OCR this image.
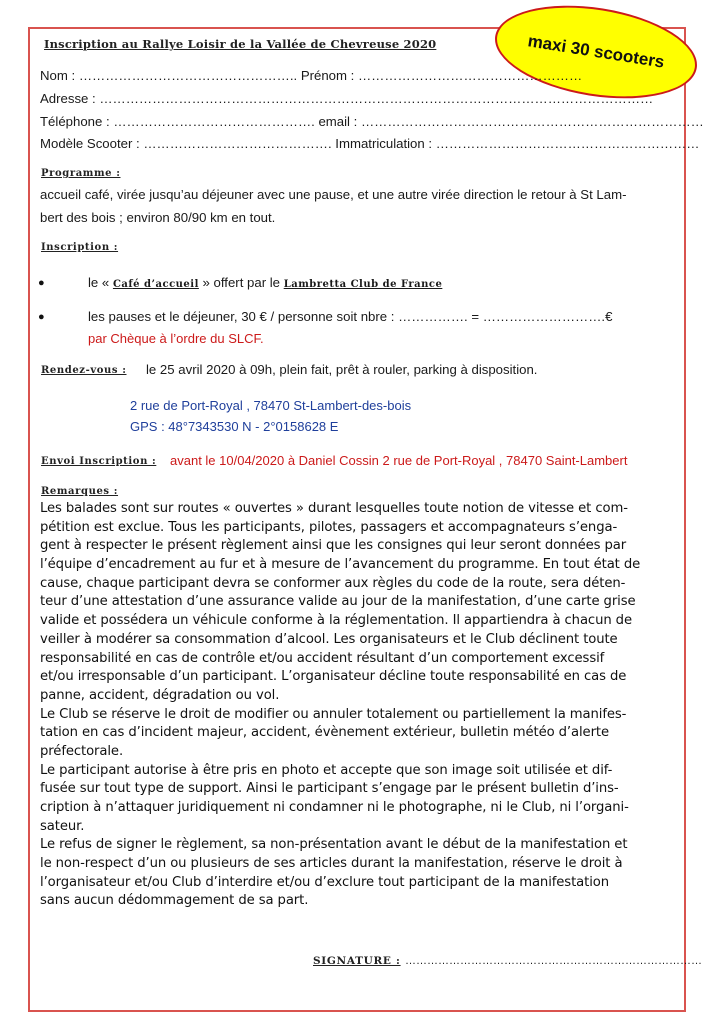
maxi 30 scooters
Inscription au Rallye Loisir de la Vallée de Chevreuse 2020
Nom : ………………………………………….. Prénom : ……………………………………………
Adresse : ………………………………………………………………………………………………………………
Téléphone : ………………………………………. email : ……………………………………………………………………
Modèle Scooter : ……………………………………. Immatriculation : ……………………………………………………
Programme :
accueil café, virée jusqu’au déjeuner avec une pause, et une autre virée direction le retour à St Lam-
bert des bois ; environ 80/90 km en tout.
Inscription :
●	le « Café d’accueil » offert par le Lambretta Club de France
●	les pauses et le déjeuner, 30 € / personne soit nbre : ……………. = ……………………….€
par Chèque à l’ordre du SLCF.
Rendez-vous : le 25 avril 2020 à 09h, plein fait, prêt à rouler, parking à disposition.
2 rue de Port-Royal , 78470 St-Lambert-des-bois
GPS : 48°7343530 N - 2°0158628 E
Envoi Inscription : avant le 10/04/2020 à Daniel Cossin 2 rue de Port-Royal , 78470 Saint-Lambert
Remarques :
Les balades sont sur routes « ouvertes » durant lesquelles toute notion de vitesse et com-
pétition est exclue. Tous les participants, pilotes, passagers et accompagnateurs s’enga-
gent à respecter le présent règlement ainsi que les consignes qui leur seront données par
l’équipe d’encadrement au fur et à mesure de l’avancement du programme. En tout état de
cause, chaque participant devra se conformer aux règles du code de la route, sera déten-
teur d’une attestation d’une assurance valide au jour de la manifestation, d’une carte grise
valide et possédera un véhicule conforme à la réglementation. Il appartiendra à chacun de
veiller à modérer sa consommation d’alcool. Les organisateurs et le Club déclinent toute
responsabilité en cas de contrôle et/ou accident résultant d’un comportement excessif
et/ou irresponsable d’un participant. L’organisateur décline toute responsabilité en cas de
panne, accident, dégradation ou vol.
Le Club se réserve le droit de modifier ou annuler totalement ou partiellement la manifes-
tation en cas d’incident majeur, accident, évènement extérieur, bulletin météo d’alerte
préfectorale.
Le participant autorise à être pris en photo et accepte que son image soit utilisée et dif-
fusée sur tout type de support. Ainsi le participant s’engage par le présent bulletin d’ins-
cription à n’attaquer juridiquement ni condamner ni le photographe, ni le Club, ni l’organi-
sateur.
Le refus de signer le règlement, sa non-présentation avant le début de la manifestation et
le non-respect d’un ou plusieurs de ses articles durant la manifestation, réserve le droit à
l’organisateur et/ou Club d’interdire et/ou d’exclure tout participant de la manifestation
sans aucun dédommagement de sa part.
SIGNATURE : ………………………………………………………………………
